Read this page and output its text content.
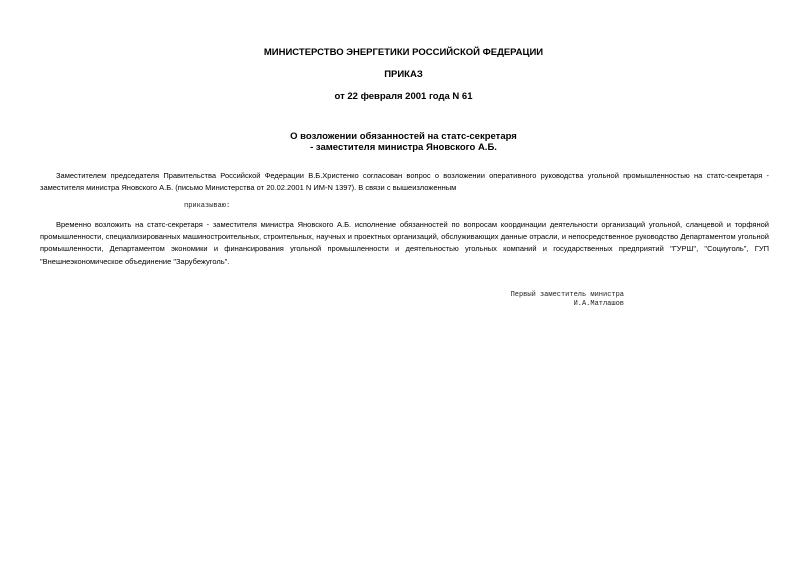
МИНИСТЕРСТВО ЭНЕРГЕТИКИ РОССИЙСКОЙ ФЕДЕРАЦИИ
ПРИКАЗ
от 22 февраля 2001 года N 61
О возложении обязанностей на статс-секретаря
- заместителя министра Яновского А.Б.
Заместителем председателя Правительства Российской Федерации В.Б.Христенко согласован вопрос о возложении оперативного руководства угольной промышленностью на статс-секретаря - заместителя министра Яновского А.Б. (письмо Министерства от 20.02.2001 N ИМ-N 1397). В связи с вышеизложенным
приказываю:
Временно возложить на статс-секретаря - заместителя министра Яновского А.Б. исполнение обязанностей по вопросам координации деятельности организаций угольной, сланцевой и торфяной промышленности, специализированных машиностроительных, строительных, научных и проектных организаций, обслуживающих данные отрасли, и непосредственное руководство Департаментом угольной промышленности, Департаментом экономики и финансирования угольной промышленности и деятельностью угольных компаний и государственных предприятий "ГУРШ", "Социуголь", ГУП "Внешнеэкономическое объединение "Зарубежуголь".
Первый заместитель министра
И.А.Матлашов
